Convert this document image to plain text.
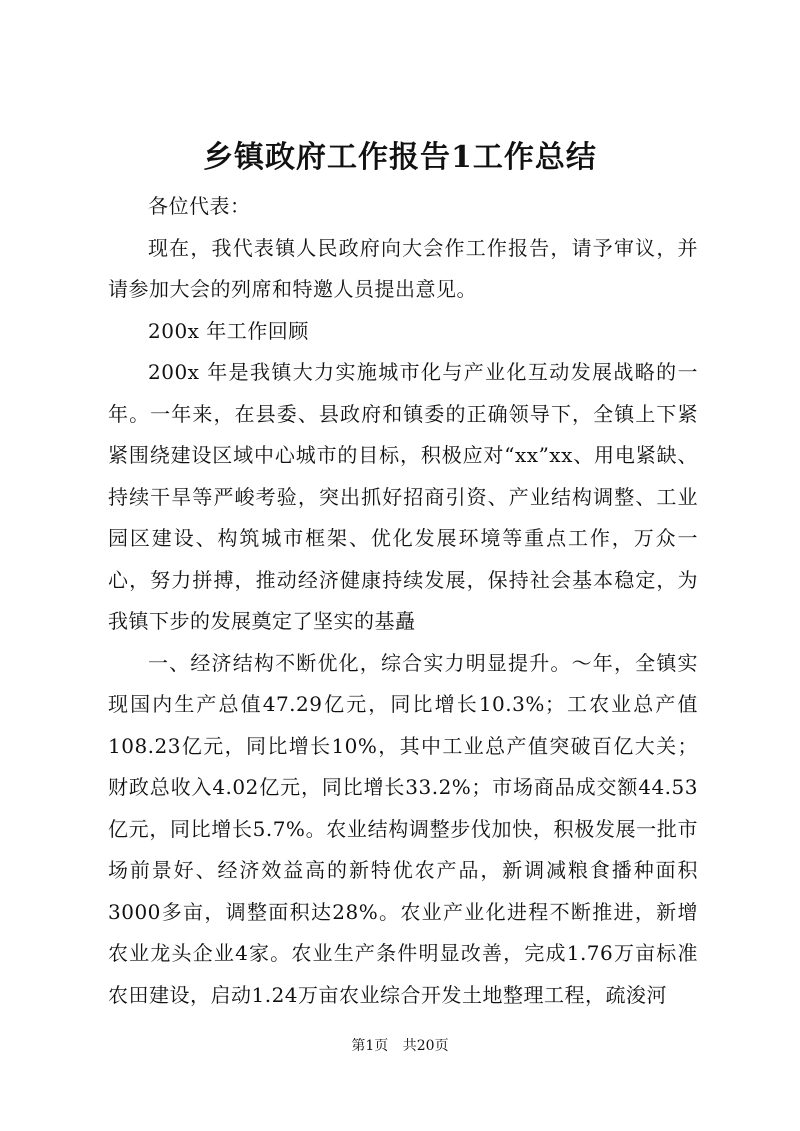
乡镇政府工作报告1工作总结

各位代表：

现在，我代表镇人民政府向大会作工作报告，请予审议，并请参加大会的列席和特邀人员提出意见。

200x 年工作回顾

200x 年是我镇大力实施城市化与产业化互动发展战略的一年。一年来，在县委、县政府和镇委的正确领导下，全镇上下紧紧围绕建设区域中心城市的目标，积极应对“xx”xx、用电紧缺、持续干旱等严峻考验，突出抓好招商引资、产业结构调整、工业园区建设、构筑城市框架、优化发展环境等重点工作，万众一心，努力拼搏，推动经济健康持续发展，保持社会基本稳定，为我镇下步的发展奠定了坚实的基矗

一、经济结构不断优化，综合实力明显提升。～年，全镇实现国内生产总值47.29亿元，同比增长10.3%；工农业总产值108.23亿元，同比增长10%，其中工业总产值突破百亿大关；财政总收入4.02亿元，同比增长33.2%；市场商品成交额44.53亿元，同比增长5.7%。农业结构调整步伐加快，积极发展一批市场前景好、经济效益高的新特优农产品，新调减粮食播种面积3000多亩，调整面积达28%。农业产业化进程不断推进，新增农业龙头企业4家。农业生产条件明显改善，完成1.76万亩标准农田建设，启动1.24万亩农业综合开发土地整理工程，疏浚河

第1页 共20页
